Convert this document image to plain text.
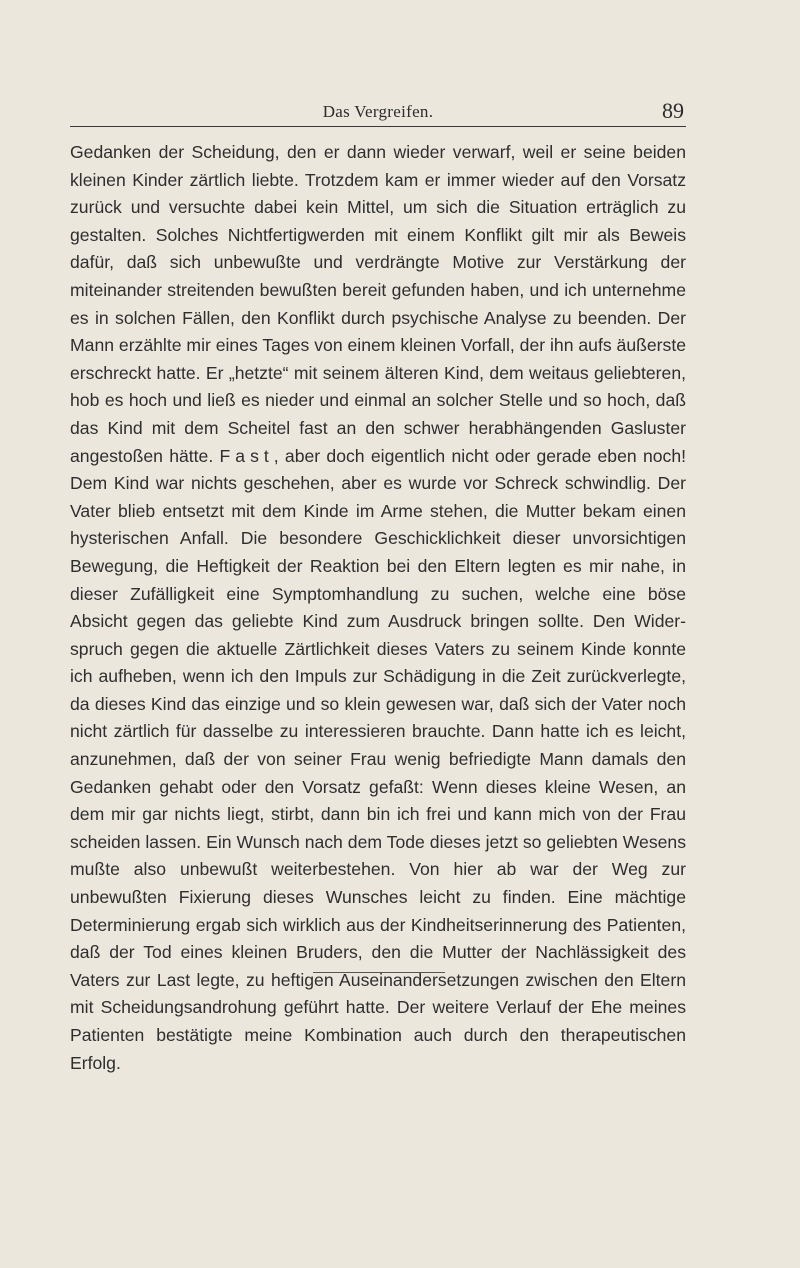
Das Vergreifen.	89

Gedanken der Scheidung, den er dann wieder verwarf, weil er seine beiden kleinen Kinder zärtlich liebte. Trotzdem kam er immer wieder auf den Vorsatz zurück und versuchte dabei kein Mittel, um sich die Situation erträglich zu gestalten. Solches Nichtfertigwerden mit einem Konflikt gilt mir als Beweis dafür, daß sich unbewußte und verdrängte Motive zur Verstärkung der miteinander streitenden bewußten bereit gefunden haben, und ich unternehme es in solchen Fällen, den Konflikt durch psychische Analyse zu beenden. Der Mann erzählte mir eines Tages von einem kleinen Vorfall, der ihn aufs äußerste erschreckt hatte. Er „hetzte“ mit seinem älteren Kind, dem weitaus geliebteren, hob es hoch und ließ es nieder und einmal an solcher Stelle und so hoch, daß das Kind mit dem Scheitel fast an den schwer herabhängenden Gasluster angestoßen hätte. Fast, aber doch eigentlich nicht oder gerade eben noch! Dem Kind war nichts geschehen, aber es wurde vor Schreck schwindlig. Der Vater blieb entsetzt mit dem Kinde im Arme stehen, die Mutter bekam einen hysterischen Anfall. Die besondere Geschicklichkeit dieser unvorsichtigen Bewegung, die Heftigkeit der Reaktion bei den Eltern legten es mir nahe, in dieser Zufälligkeit eine Symptomhandlung zu suchen, welche eine böse Absicht gegen das geliebte Kind zum Ausdruck bringen sollte. Den Widerspruch gegen die aktuelle Zärtlichkeit dieses Vaters zu seinem Kinde konnte ich aufheben, wenn ich den Impuls zur Schädigung in die Zeit zurückverlegte, da dieses Kind das einzige und so klein gewesen war, daß sich der Vater noch nicht zärtlich für dasselbe zu interessieren brauchte. Dann hatte ich es leicht, anzunehmen, daß der von seiner Frau wenig befriedigte Mann damals den Gedanken gehabt oder den Vorsatz gefaßt: Wenn dieses kleine Wesen, an dem mir gar nichts liegt, stirbt, dann bin ich frei und kann mich von der Frau scheiden lassen. Ein Wunsch nach dem Tode dieses jetzt so geliebten Wesens mußte also unbewußt weiterbestehen. Von hier ab war der Weg zur unbewußten Fixierung dieses Wunsches leicht zu finden. Eine mächtige Determinierung ergab sich wirklich aus der Kindheitserinnerung des Patienten, daß der Tod eines kleinen Bruders, den die Mutter der Nachlässigkeit des Vaters zur Last legte, zu heftigen Auseinandersetzungen zwischen den Eltern mit Scheidungsandrohung geführt hatte. Der weitere Verlauf der Ehe meines Patienten bestätigte meine Kombination auch durch den therapeutischen Erfolg.
